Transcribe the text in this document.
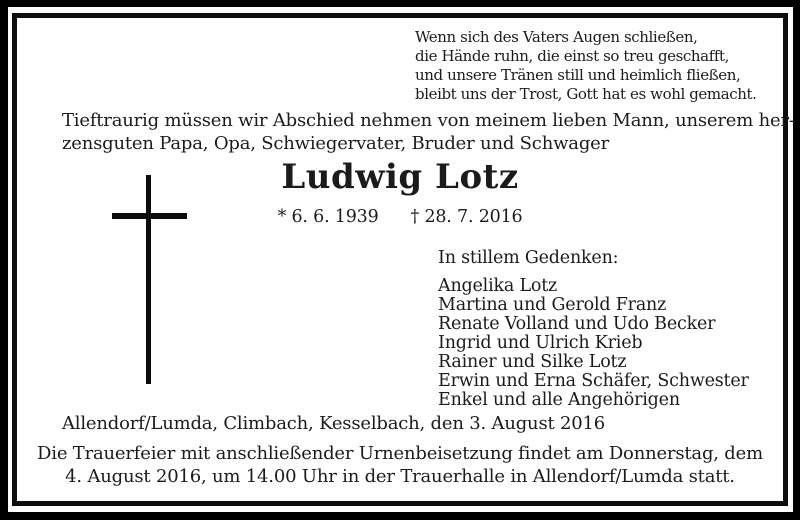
Wenn sich des Vaters Augen schließen,
die Hände ruhn, die einst so treu geschafft,
und unsere Tränen still und heimlich fließen,
bleibt uns der Trost, Gott hat es wohl gemacht.
Tieftraurig müssen wir Abschied nehmen von meinem lieben Mann, unserem her-
zensguten Papa, Opa, Schwiegervater, Bruder und Schwager
Ludwig Lotz
* 6. 6. 1939 † 28. 7. 2016
In stillem Gedenken:
Angelika Lotz
Martina und Gerold Franz
Renate Volland und Udo Becker
Ingrid und Ulrich Krieb
Rainer und Silke Lotz
Erwin und Erna Schäfer, Schwester
Enkel und alle Angehörigen
Allendorf/Lumda, Climbach, Kesselbach, den 3. August 2016
Die Trauerfeier mit anschließender Urnenbeisetzung findet am Donnerstag, dem
4. August 2016, um 14.00 Uhr in der Trauerhalle in Allendorf/Lumda statt.
